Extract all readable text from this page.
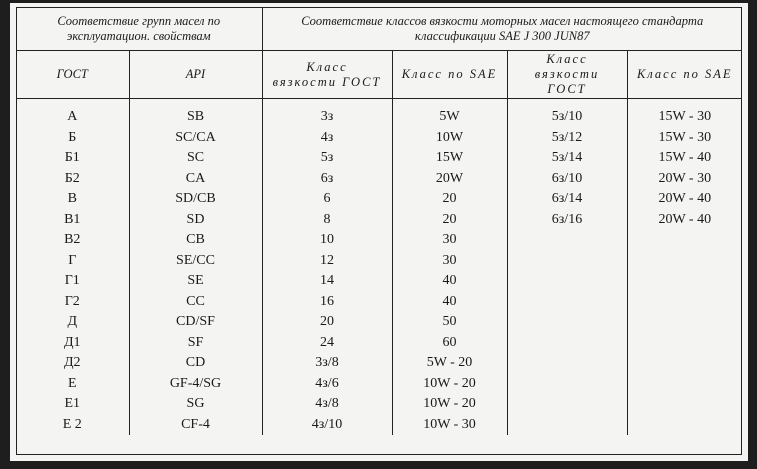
Соответствие групп масел по эксплуатацион. свойствам		Соответствие классов вязкости моторных масел настоящего стандарта классификации SAE J 300 JUN87			
ГОСТ	API	Класс вязкости ГОСТ	Класс по SAE	Класс вязкости ГОСТ	Класс по SAE
А	SB	3з	5W	5з/10	15W - 30
Б	SC/CA	4з	10W	5з/12	15W - 30
Б1	SC	5з	15W	5з/14	15W - 40
Б2	CA	6з	20W	6з/10	20W - 30
В	SD/CB	6	20	6з/14	20W - 40
В1	SD	8	20	6з/16	20W - 40
В2	CB	10	30		
Г	SE/CC	12	30		
Г1	SE	14	40		
Г2	CC	16	40		
Д	CD/SF	20	50		
Д1	SF	24	60		
Д2	CD	3з/8	5W - 20		
Е	GF-4/SG	4з/6	10W - 20		
Е1	SG	4з/8	10W - 20		
Е 2	CF-4	4з/10	10W - 30		
